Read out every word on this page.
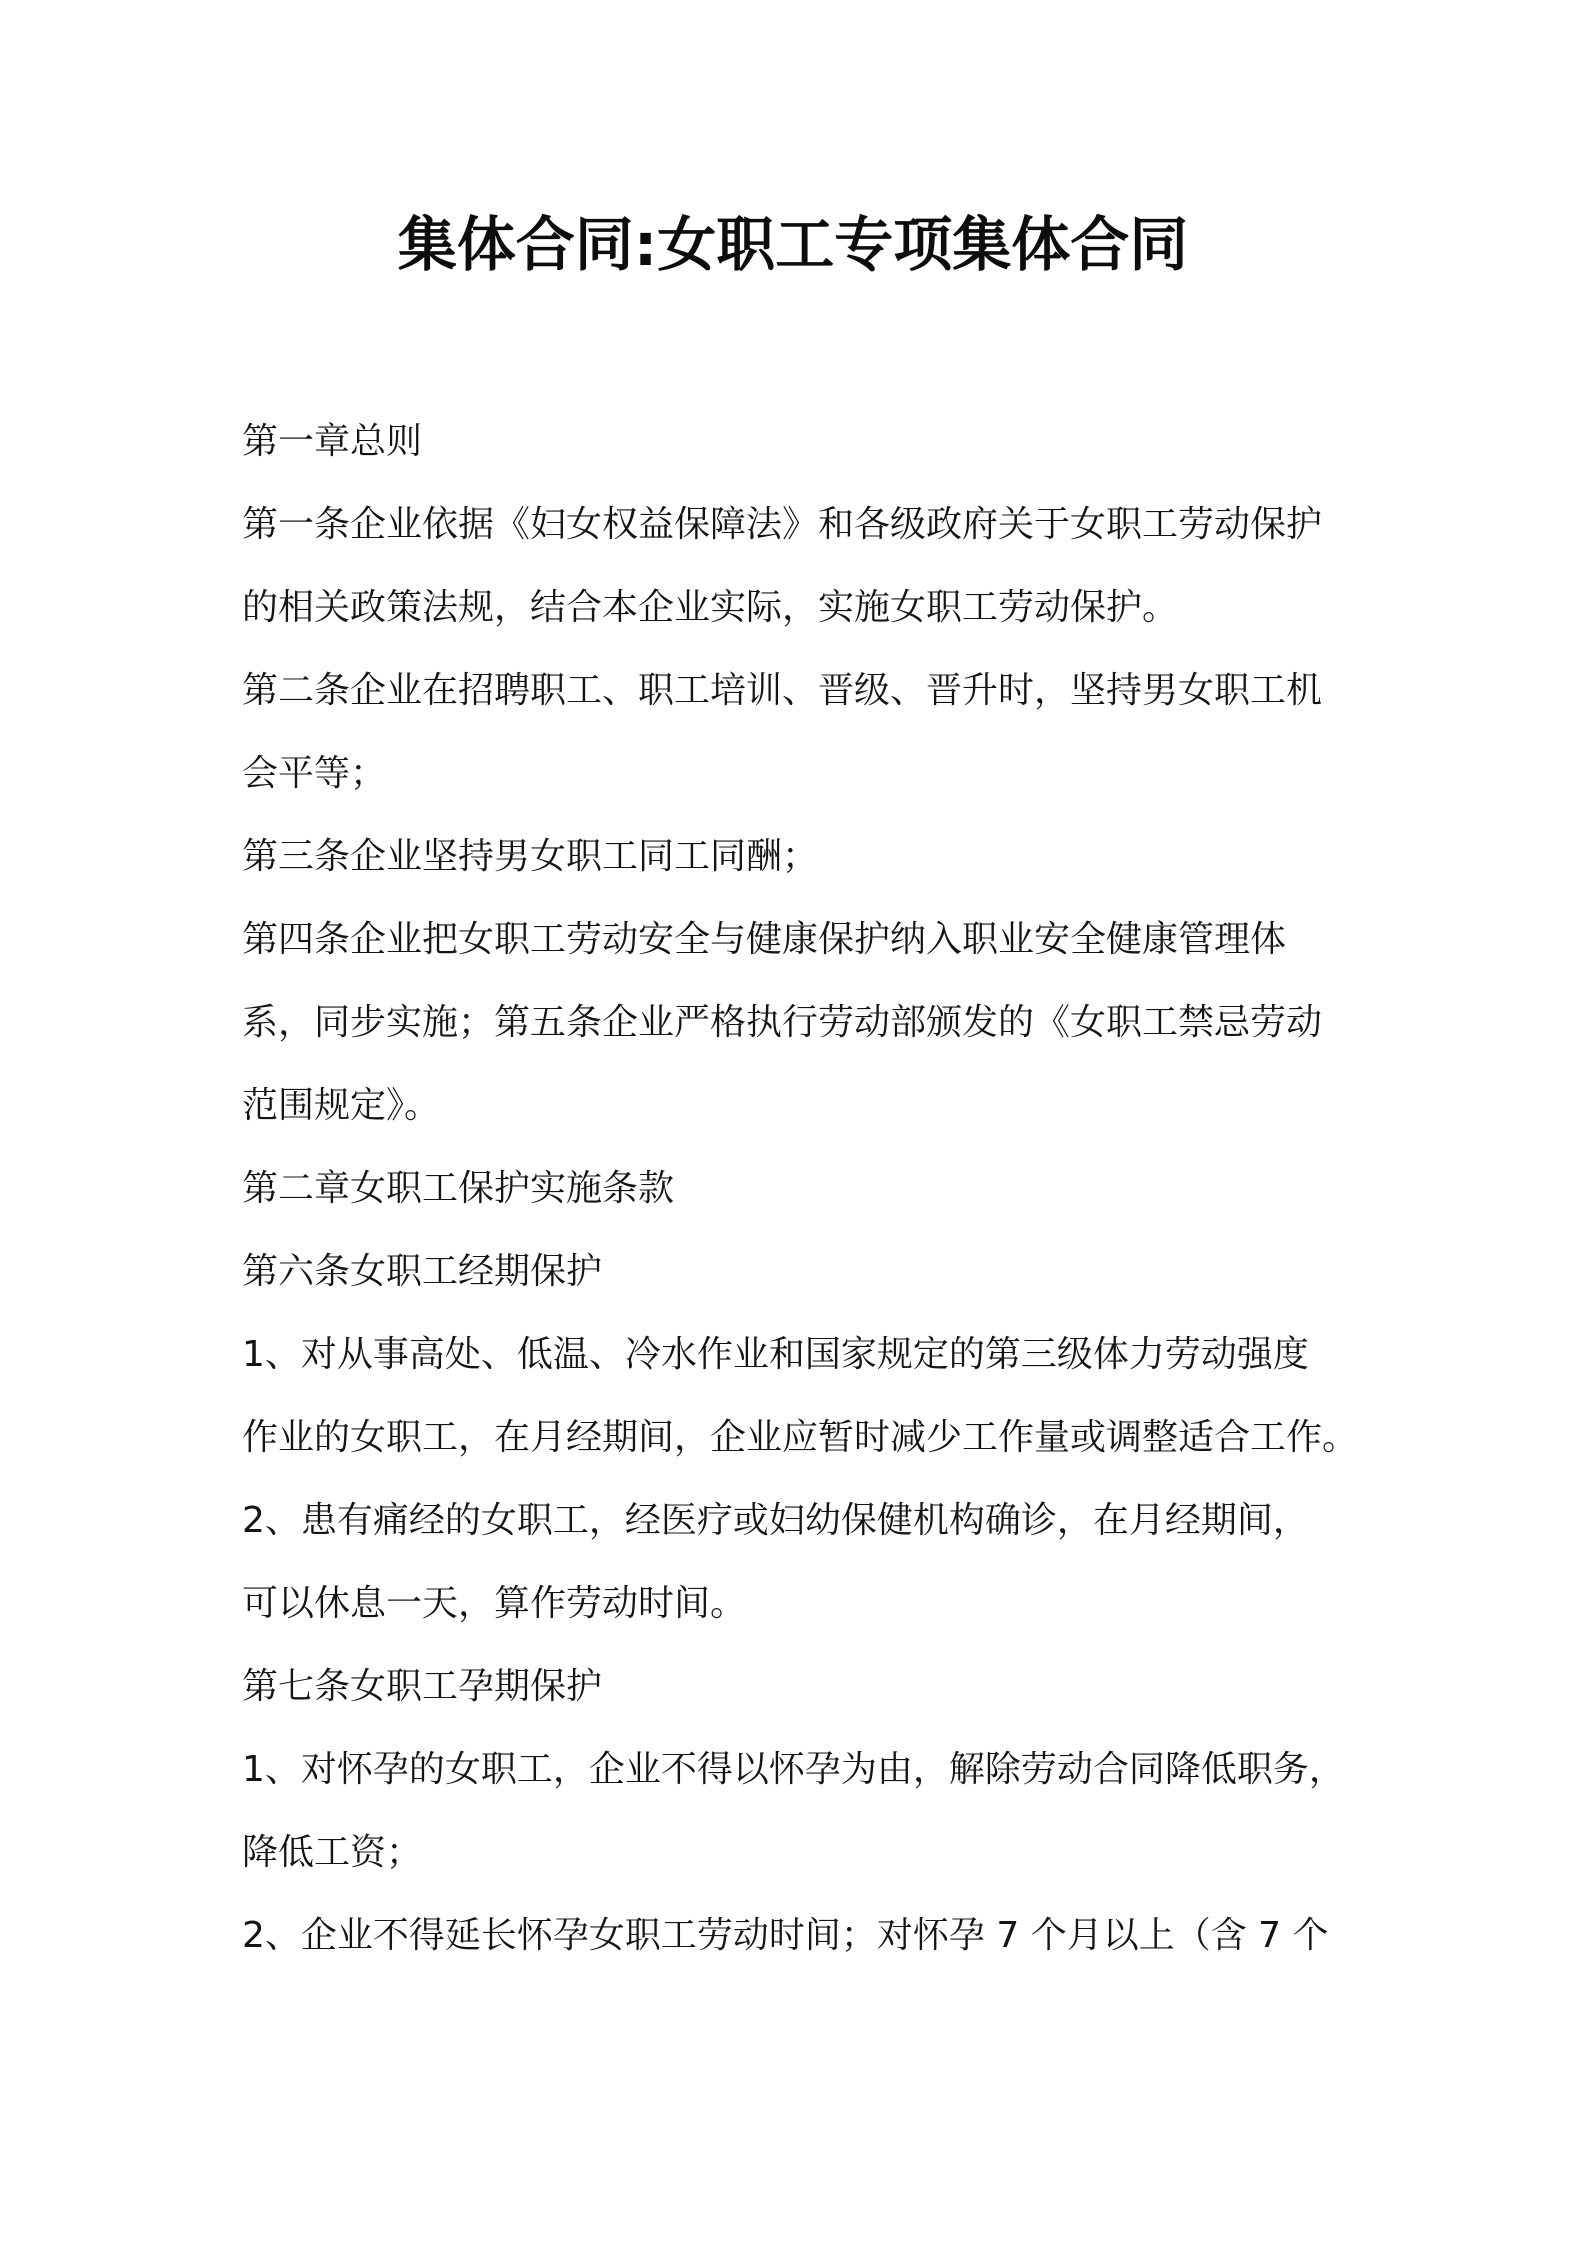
集体合同:女职工专项集体合同
第一章总则
第一条企业依据《妇女权益保障法》和各级政府关于女职工劳动保护
的相关政策法规，结合本企业实际，实施女职工劳动保护。
第二条企业在招聘职工、职工培训、晋级、晋升时，坚持男女职工机
会平等；
第三条企业坚持男女职工同工同酬；
第四条企业把女职工劳动安全与健康保护纳入职业安全健康管理体
系，同步实施；第五条企业严格执行劳动部颁发的《女职工禁忌劳动
范围规定》。
第二章女职工保护实施条款
第六条女职工经期保护
1、对从事高处、低温、冷水作业和国家规定的第三级体力劳动强度
作业的女职工，在月经期间，企业应暂时减少工作量或调整适合工作。
2、患有痛经的女职工，经医疗或妇幼保健机构确诊，在月经期间，
可以休息一天，算作劳动时间。
第七条女职工孕期保护
1、对怀孕的女职工，企业不得以怀孕为由，解除劳动合同降低职务，
降低工资；
2、企业不得延长怀孕女职工劳动时间；对怀孕 7 个月以上（含 7 个
